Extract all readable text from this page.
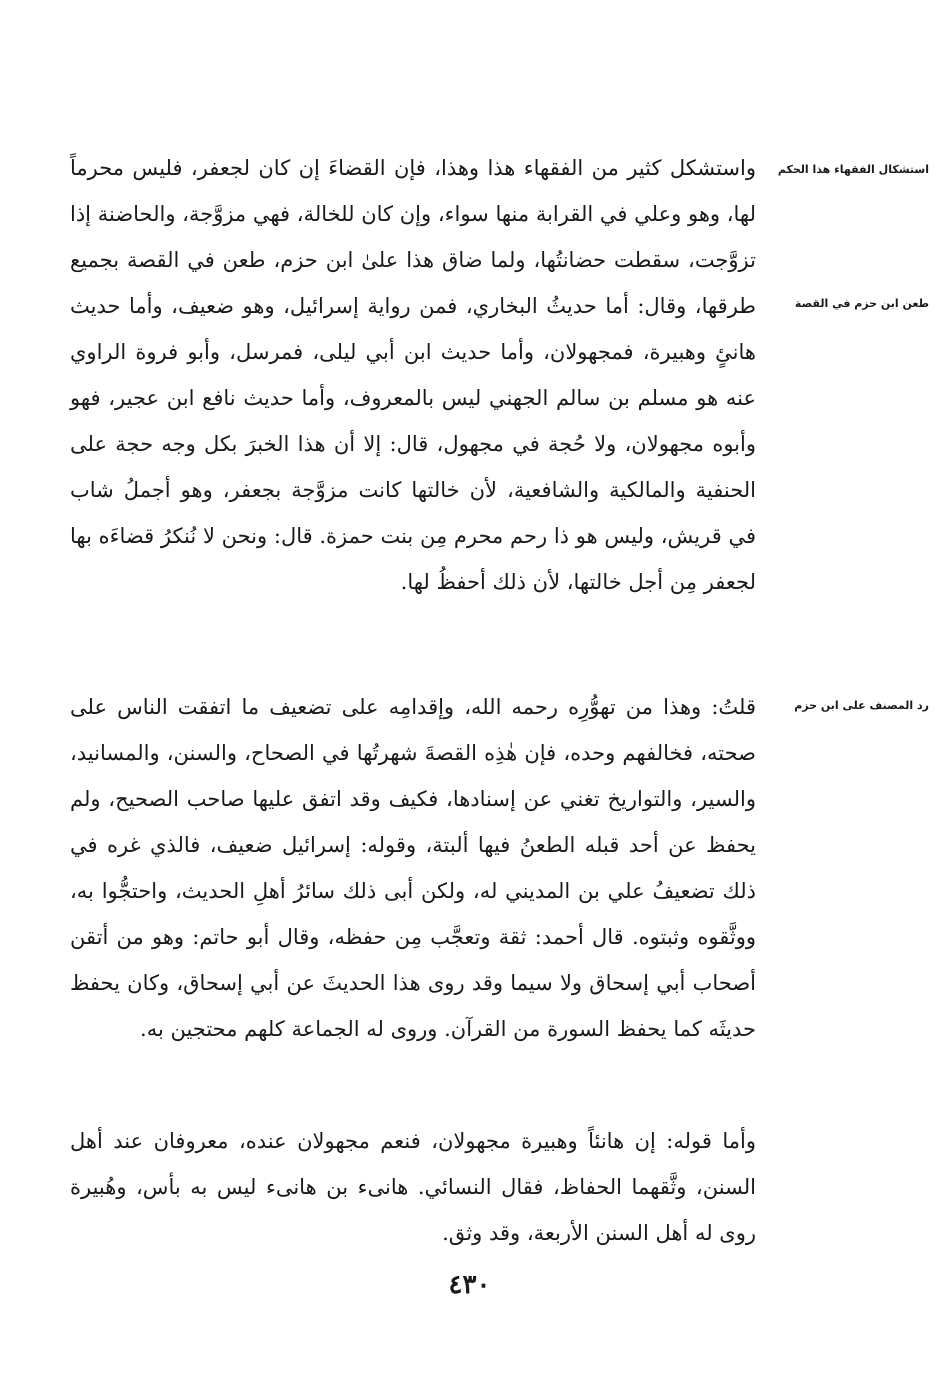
استشكال الفقهاء هذا الحكم
طعن ابن حزم في القصة
رد المصنف على ابن حزم

واستشكل كثير من الفقهاء هذا وهذا، فإن القضاءَ إن كان لجعفر، فليس محرماً لها، وهو وعلي في القرابة منها سواء، وإن كان للخالة، فهي مزوَّجة، والحاضنة إذا تزوَّجت، سقطت حضانتُها، ولما ضاق هذا علىٰ ابن حزم، طعن في القصة بجميع طرقها، وقال: أما حديثُ البخاري، فمن رواية إسرائيل، وهو ضعيف، وأما حديث هانئٍ وهبيرة، فمجهولان، وأما حديث ابن أبي ليلى، فمرسل، وأبو فروة الراوي عنه هو مسلم بن سالم الجهني ليس بالمعروف، وأما حديث نافع ابن عجير، فهو وأبوه مجهولان، ولا حُجة في مجهول، قال: إلا أن هذا الخبرَ بكل وجه حجة على الحنفية والمالكية والشافعية، لأن خالتها كانت مزوَّجة بجعفر، وهو أجملُ شاب في قريش، وليس هو ذا رحم محرم مِن بنت حمزة. قال: ونحن لا نُنكرُ قضاءَه بها لجعفر مِن أجل خالتها، لأن ذلك أحفظُ لها.

قلتُ: وهذا من تهوُّرِه رحمه الله، وإقدامِه على تضعيف ما اتفقت الناس على صحته، فخالفهم وحده، فإن هٰذِه القصةَ شهرتُها في الصحاح، والسنن، والمسانيد، والسير، والتواريخ تغني عن إسنادها، فكيف وقد اتفق عليها صاحب الصحيح، ولم يحفظ عن أحد قبله الطعنُ فيها ألبتة، وقوله: إسرائيل ضعيف، فالذي غره في ذلك تضعيفُ علي بن المديني له، ولكن أبى ذلك سائرُ أهلِ الحديث، واحتجُّوا به، ووثَّقوه وثبتوه. قال أحمد: ثقة وتعجَّب مِن حفظه، وقال أبو حاتم: وهو من أتقن أصحاب أبي إسحاق ولا سيما وقد روى هذا الحديثَ عن أبي إسحاق، وكان يحفظ حديثَه كما يحفظ السورة من القرآن. وروى له الجماعة كلهم محتجين به.

وأما قوله: إن هانئاً وهبيرة مجهولان، فنعم مجهولان عنده، معروفان عند أهل السنن، وثَّقهما الحفاظ، فقال النسائي. هانىء بن هانىء ليس به بأس، وهُبيرة روى له أهل السنن الأربعة، وقد وثق.

٤٣٠
